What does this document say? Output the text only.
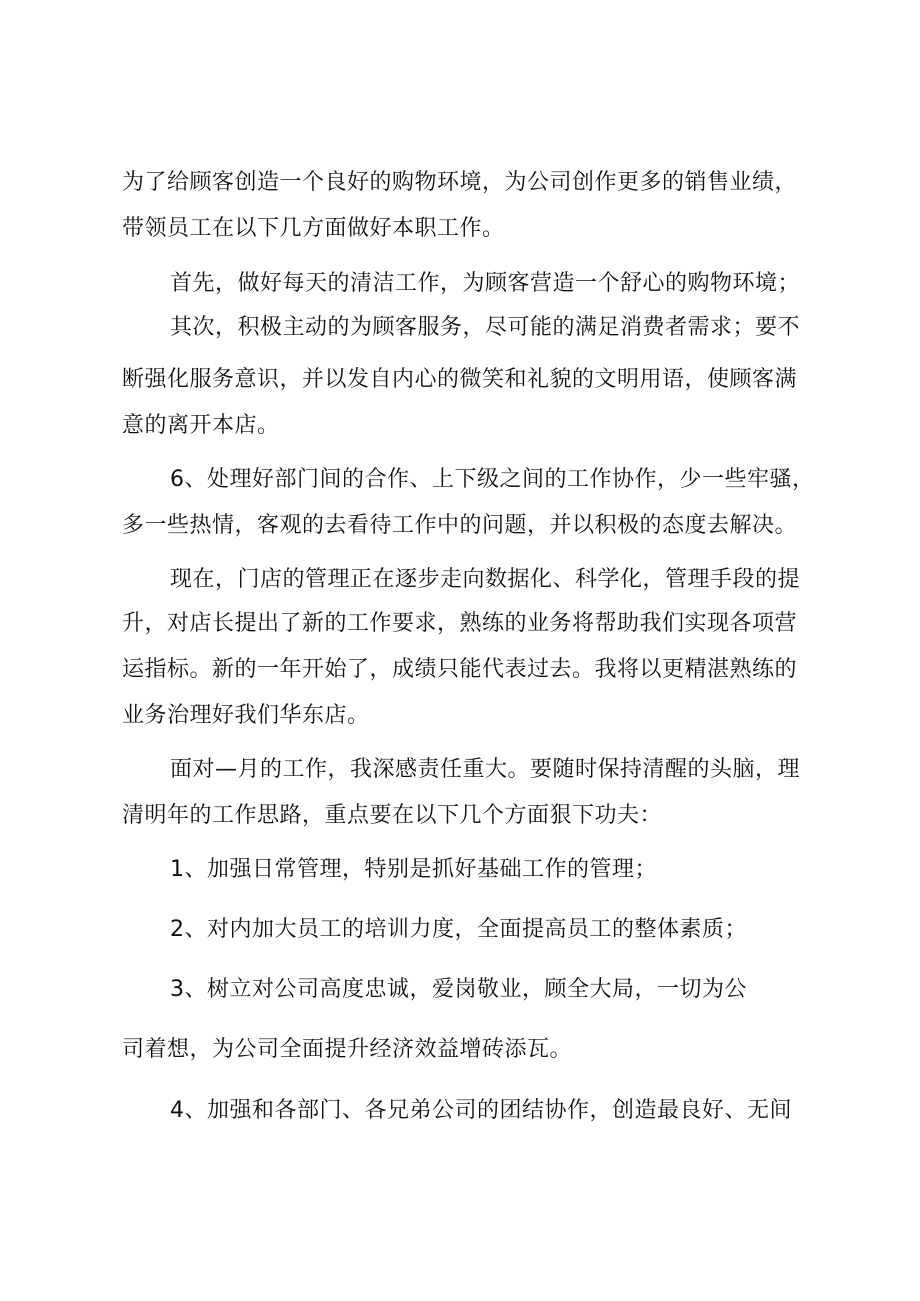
为了给顾客创造一个良好的购物环境，为公司创作更多的销售业绩，
带领员工在以下几方面做好本职工作。
首先，做好每天的清洁工作，为顾客营造一个舒心的购物环境；
其次，积极主动的为顾客服务，尽可能的满足消费者需求；要不
断强化服务意识，并以发自内心的微笑和礼貌的文明用语，使顾客满
意的离开本店。
6、处理好部门间的合作、上下级之间的工作协作，少一些牢骚，
多一些热情，客观的去看待工作中的问题，并以积极的态度去解决。
现在，门店的管理正在逐步走向数据化、科学化，管理手段的提
升，对店长提出了新的工作要求，熟练的业务将帮助我们实现各项营
运指标。新的一年开始了，成绩只能代表过去。我将以更精湛熟练的
业务治理好我们华东店。
面对—月的工作，我深感责任重大。要随时保持清醒的头脑，理
清明年的工作思路，重点要在以下几个方面狠下功夫：
1、加强日常管理，特别是抓好基础工作的管理；
2、对内加大员工的培训力度，全面提高员工的整体素质；
3、树立对公司高度忠诚，爱岗敬业，顾全大局，一切为公
司着想，为公司全面提升经济效益增砖添瓦。
4、加强和各部门、各兄弟公司的团结协作，创造最良好、无间
